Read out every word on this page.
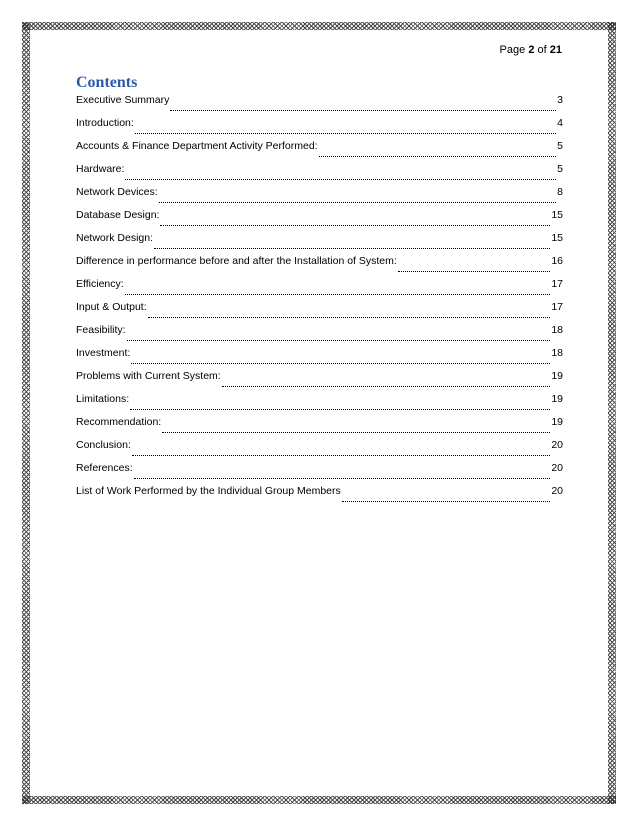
Page 2 of 21
Contents
Executive Summary	3
Introduction:	4
Accounts & Finance Department Activity Performed:	5
Hardware:	5
Network Devices:	8
Database Design:	15
Network Design:	15
Difference in performance before and after the Installation of System:	16
Efficiency:	17
Input & Output:	17
Feasibility:	18
Investment:	18
Problems with Current System:	19
Limitations:	19
Recommendation:	19
Conclusion:	20
References:	20
List of Work Performed by the Individual Group Members	20
